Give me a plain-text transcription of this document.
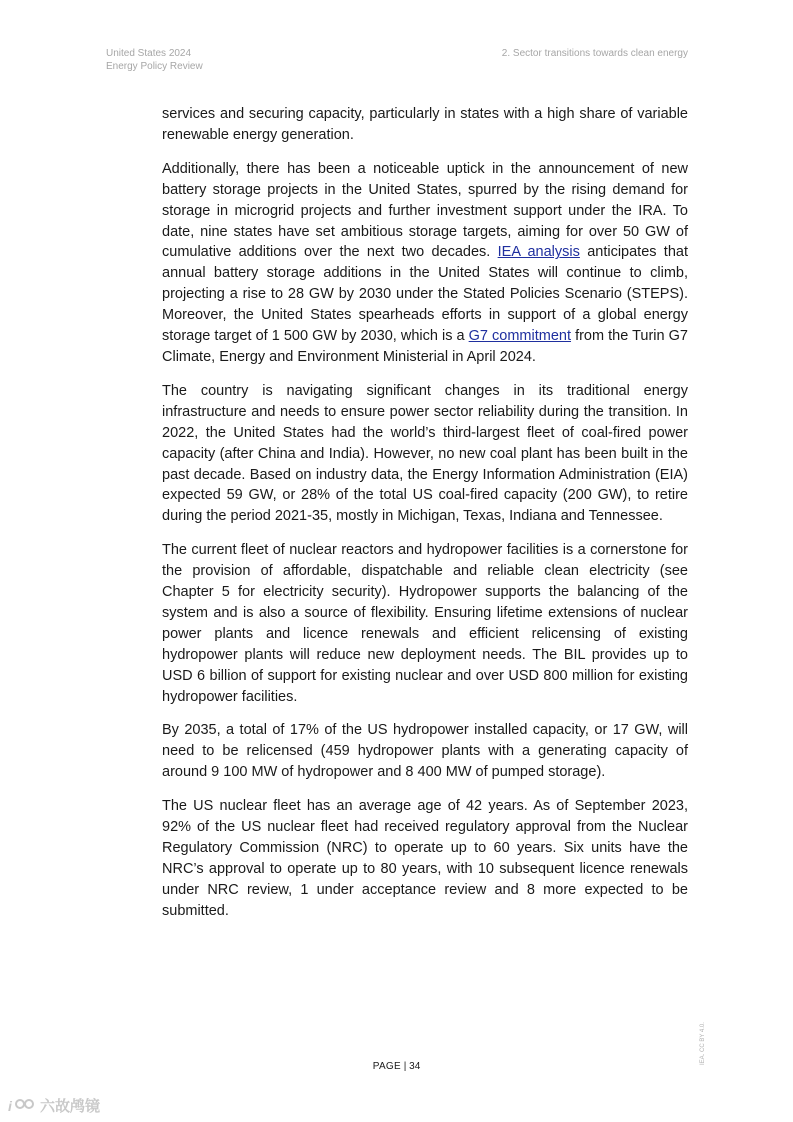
United States 2024
Energy Policy Review
2. Sector transitions towards clean energy

services and securing capacity, particularly in states with a high share of variable renewable energy generation.

Additionally, there has been a noticeable uptick in the announcement of new battery storage projects in the United States, spurred by the rising demand for storage in microgrid projects and further investment support under the IRA. To date, nine states have set ambitious storage targets, aiming for over 50 GW of cumulative additions over the next two decades. IEA analysis anticipates that annual battery storage additions in the United States will continue to climb, projecting a rise to 28 GW by 2030 under the Stated Policies Scenario (STEPS). Moreover, the United States spearheads efforts in support of a global energy storage target of 1 500 GW by 2030, which is a G7 commitment from the Turin G7 Climate, Energy and Environment Ministerial in April 2024.

The country is navigating significant changes in its traditional energy infrastructure and needs to ensure power sector reliability during the transition. In 2022, the United States had the world’s third-largest fleet of coal-fired power capacity (after China and India). However, no new coal plant has been built in the past decade. Based on industry data, the Energy Information Administration (EIA) expected 59 GW, or 28% of the total US coal-fired capacity (200 GW), to retire during the period 2021-35, mostly in Michigan, Texas, Indiana and Tennessee.

The current fleet of nuclear reactors and hydropower facilities is a cornerstone for the provision of affordable, dispatchable and reliable clean electricity (see Chapter 5 for electricity security). Hydropower supports the balancing of the system and is also a source of flexibility. Ensuring lifetime extensions of nuclear power plants and licence renewals and efficient relicensing of existing hydropower plants will reduce new deployment needs. The BIL provides up to USD 6 billion of support for existing nuclear and over USD 800 million for existing hydropower facilities.

By 2035, a total of 17% of the US hydropower installed capacity, or 17 GW, will need to be relicensed (459 hydropower plants with a generating capacity of around 9 100 MW of hydropower and 8 400 MW of pumped storage).

The US nuclear fleet has an average age of 42 years. As of September 2023, 92% of the US nuclear fleet had received regulatory approval from the Nuclear Regulatory Commission (NRC) to operate up to 60 years. Six units have the NRC’s approval to operate up to 80 years, with 10 subsequent licence renewals under NRC review, 1 under acceptance review and 8 more expected to be submitted.

PAGE | 34
IEA. CC BY 4.0.
i 六故鸬镜
